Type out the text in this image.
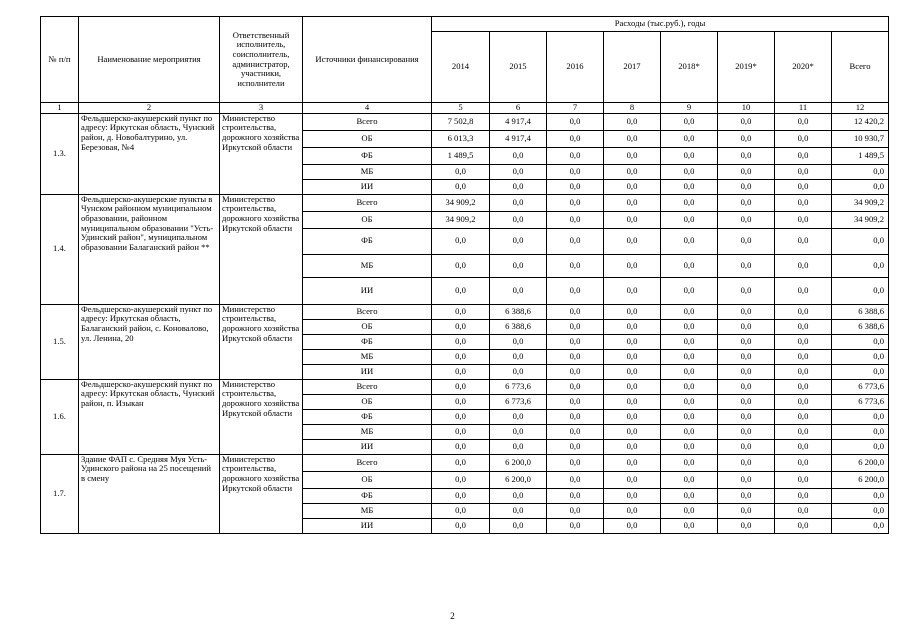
№ п/п	Наименование мероприятия	Ответственный исполнитель, соисполнитель, администратор, участники, исполнители	Источники финансирования	Расходы (тыс.руб.), годы							
				2014	2015	2016	2017	2018*	2019*	2020*	Всего
1	2	3	4	5	6	7	8	9	10	11	12
1.3.	Фельдшерско-акушерский пункт по адресу: Иркутская область, Чунский район, д. Новобалтурино, ул. Березовая, №4	Министерство строительства, дорожного хозяйства Иркутской области	Всего	7 502,8	4 917,4	0,0	0,0	0,0	0,0	0,0	12 420,2
			ОБ	6 013,3	4 917,4	0,0	0,0	0,0	0,0	0,0	10 930,7
			ФБ	1 489,5	0,0	0,0	0,0	0,0	0,0	0,0	1 489,5
			МБ	0,0	0,0	0,0	0,0	0,0	0,0	0,0	0,0
			ИИ	0,0	0,0	0,0	0,0	0,0	0,0	0,0	0,0
1.4.	Фельдшерско-акушерские пункты в Чунском районном муниципальном образовании, районном муниципальном образовании "Усть-Удинский район", муниципальном образовании Балаганский район **	Министерство строительства, дорожного хозяйства Иркутской области	Всего	34 909,2	0,0	0,0	0,0	0,0	0,0	0,0	34 909,2
			ОБ	34 909,2	0,0	0,0	0,0	0,0	0,0	0,0	34 909,2
			ФБ	0,0	0,0	0,0	0,0	0,0	0,0	0,0	0,0
			МБ	0,0	0,0	0,0	0,0	0,0	0,0	0,0	0,0
			ИИ	0,0	0,0	0,0	0,0	0,0	0,0	0,0	0,0
1.5.	Фельдшерско-акушерский пункт по адресу: Иркутская область, Балаганский район, с. Коновалово, ул. Ленина, 20	Министерство строительства, дорожного хозяйства Иркутской области	Всего	0,0	6 388,6	0,0	0,0	0,0	0,0	0,0	6 388,6
			ОБ	0,0	6 388,6	0,0	0,0	0,0	0,0	0,0	6 388,6
			ФБ	0,0	0,0	0,0	0,0	0,0	0,0	0,0	0,0
			МБ	0,0	0,0	0,0	0,0	0,0	0,0	0,0	0,0
			ИИ	0,0	0,0	0,0	0,0	0,0	0,0	0,0	0,0
1.6.	Фельдшерско-акушерский пункт по адресу: Иркутская область, Чунский район, п. Изыкан	Министерство строительства, дорожного хозяйства Иркутской области	Всего	0,0	6 773,6	0,0	0,0	0,0	0,0	0,0	6 773,6
			ОБ	0,0	6 773,6	0,0	0,0	0,0	0,0	0,0	6 773,6
			ФБ	0,0	0,0	0,0	0,0	0,0	0,0	0,0	0,0
			МБ	0,0	0,0	0,0	0,0	0,0	0,0	0,0	0,0
			ИИ	0,0	0,0	0,0	0,0	0,0	0,0	0,0	0,0
1.7.	Здание ФАП с. Средняя Муя Усть-Удинского района на 25 посещений в смену	Министерство строительства, дорожного хозяйства Иркутской области	Всего	0,0	6 200,0	0,0	0,0	0,0	0,0	0,0	6 200,0
			ОБ	0,0	6 200,0	0,0	0,0	0,0	0,0	0,0	6 200,0
			ФБ	0,0	0,0	0,0	0,0	0,0	0,0	0,0	0,0
			МБ	0,0	0,0	0,0	0,0	0,0	0,0	0,0	0,0
			ИИ	0,0	0,0	0,0	0,0	0,0	0,0	0,0	0,0
2
